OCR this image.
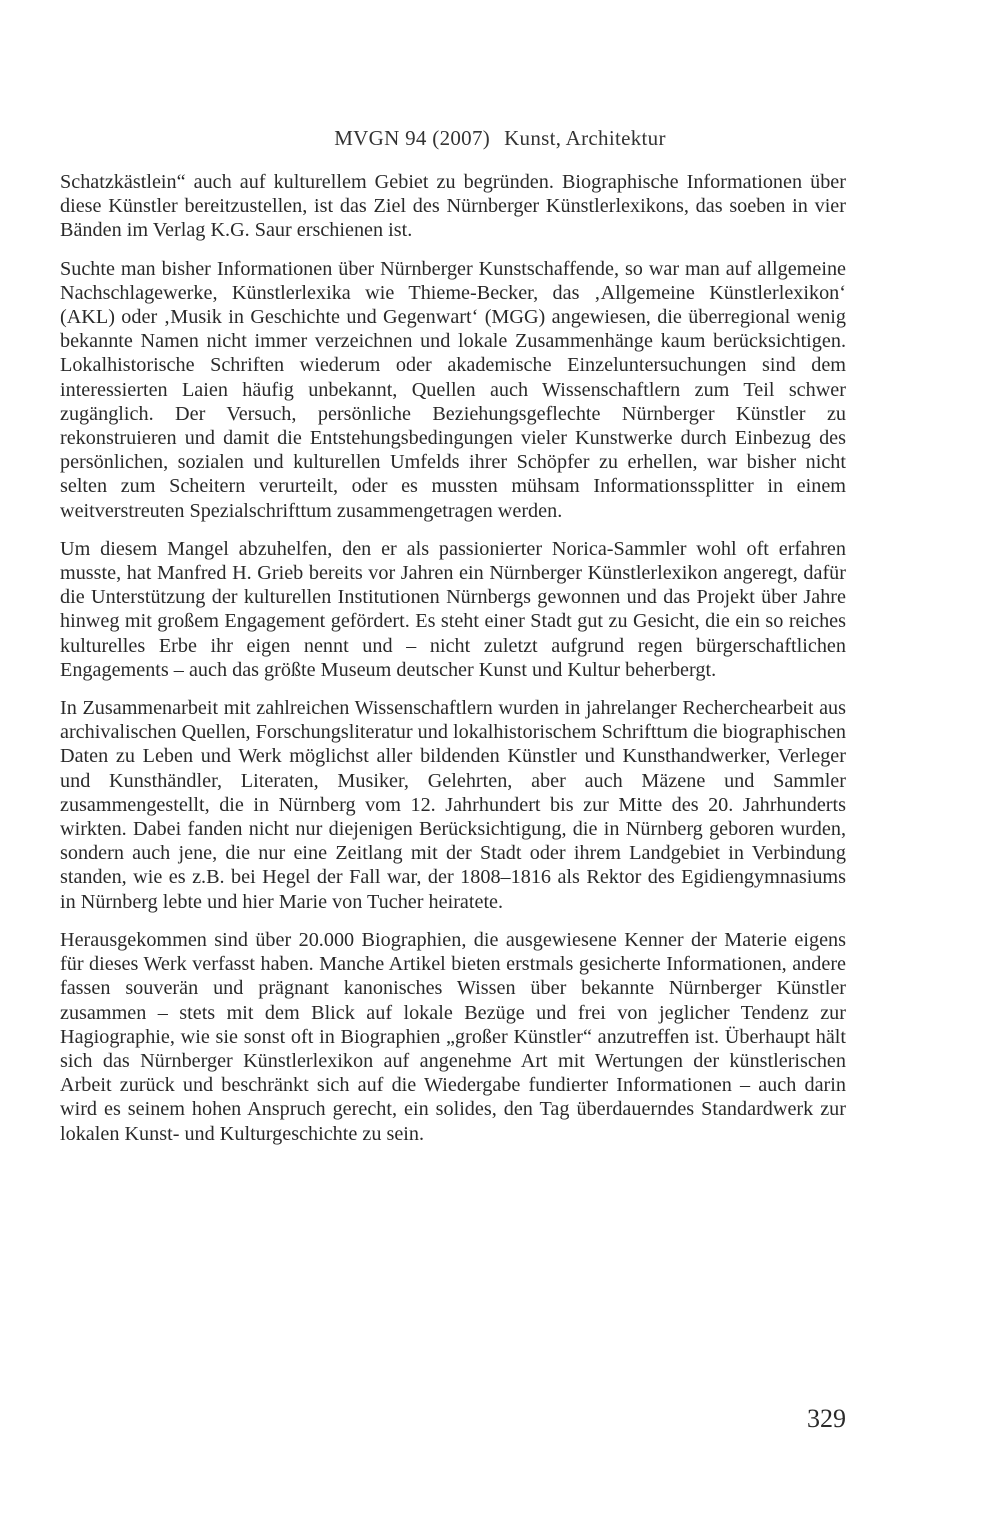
MVGN 94 (2007) Kunst, Architektur

Schatzkästlein“ auch auf kulturellem Gebiet zu begründen. Biographische Informationen über diese Künstler bereitzustellen, ist das Ziel des Nürnberger Künstlerlexikons, das soeben in vier Bänden im Verlag K.G. Saur erschienen ist.

Suchte man bisher Informationen über Nürnberger Kunstschaffende, so war man auf allgemeine Nachschlagewerke, Künstlerlexika wie Thieme-Becker, das ‚Allgemeine Künstlerlexikon‘ (AKL) oder ‚Musik in Geschichte und Gegenwart‘ (MGG) angewiesen, die überregional wenig bekannte Namen nicht immer verzeichnen und lokale Zusammenhänge kaum berücksichtigen. Lokalhistorische Schriften wiederum oder akademische Einzeluntersuchungen sind dem interessierten Laien häufig unbekannt, Quellen auch Wissenschaftlern zum Teil schwer zugänglich. Der Versuch, persönliche Beziehungsgeflechte Nürnberger Künstler zu rekonstruieren und damit die Entstehungsbedingungen vieler Kunstwerke durch Einbezug des persönlichen, sozialen und kulturellen Umfelds ihrer Schöpfer zu erhellen, war bisher nicht selten zum Scheitern verurteilt, oder es mussten mühsam Informationssplitter in einem weitverstreuten Spezialschrifttum zusammengetragen werden.

Um diesem Mangel abzuhelfen, den er als passionierter Norica-Sammler wohl oft erfahren musste, hat Manfred H. Grieb bereits vor Jahren ein Nürnberger Künstlerlexikon angeregt, dafür die Unterstützung der kulturellen Institutionen Nürnbergs gewonnen und das Projekt über Jahre hinweg mit großem Engagement gefördert. Es steht einer Stadt gut zu Gesicht, die ein so reiches kulturelles Erbe ihr eigen nennt und – nicht zuletzt aufgrund regen bürgerschaftlichen Engagements – auch das größte Museum deutscher Kunst und Kultur beherbergt.

In Zusammenarbeit mit zahlreichen Wissenschaftlern wurden in jahrelanger Recherchearbeit aus archivalischen Quellen, Forschungsliteratur und lokalhistorischem Schrifttum die biographischen Daten zu Leben und Werk möglichst aller bildenden Künstler und Kunsthandwerker, Verleger und Kunsthändler, Literaten, Musiker, Gelehrten, aber auch Mäzene und Sammler zusammengestellt, die in Nürnberg vom 12. Jahrhundert bis zur Mitte des 20. Jahrhunderts wirkten. Dabei fanden nicht nur diejenigen Berücksichtigung, die in Nürnberg geboren wurden, sondern auch jene, die nur eine Zeitlang mit der Stadt oder ihrem Landgebiet in Verbindung standen, wie es z.B. bei Hegel der Fall war, der 1808–1816 als Rektor des Egidiengymnasiums in Nürnberg lebte und hier Marie von Tucher heiratete.

Herausgekommen sind über 20.000 Biographien, die ausgewiesene Kenner der Materie eigens für dieses Werk verfasst haben. Manche Artikel bieten erstmals gesicherte Informationen, andere fassen souverän und prägnant kanonisches Wissen über bekannte Nürnberger Künstler zusammen – stets mit dem Blick auf lokale Bezüge und frei von jeglicher Tendenz zur Hagiographie, wie sie sonst oft in Biographien „großer Künstler“ anzutreffen ist. Überhaupt hält sich das Nürnberger Künstlerlexikon auf angenehme Art mit Wertungen der künstlerischen Arbeit zurück und beschränkt sich auf die Wiedergabe fundierter Informationen – auch darin wird es seinem hohen Anspruch gerecht, ein solides, den Tag überdauerndes Standardwerk zur lokalen Kunst- und Kulturgeschichte zu sein.

329
